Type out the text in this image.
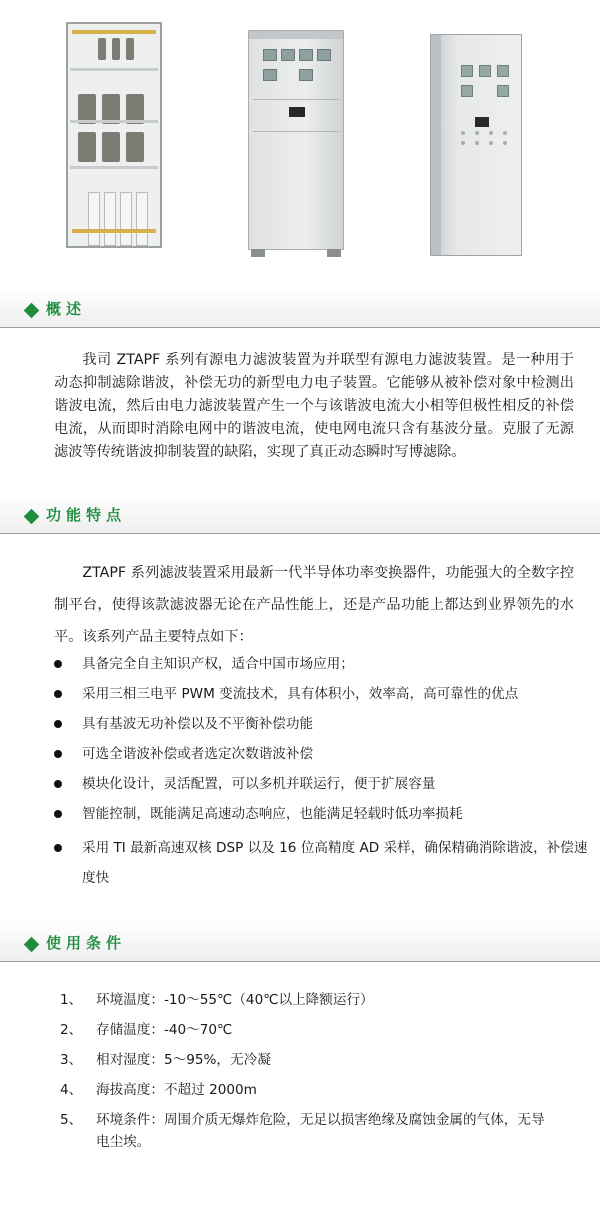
概述

我司 ZTAPF 系列有源电力滤波装置为并联型有源电力滤波装置。是一种用于动态抑制滤除谐波，补偿无功的新型电力电子装置。它能够从被补偿对象中检测出谐波电流，然后由电力滤波装置产生一个与该谐波电流大小相等但极性相反的补偿电流，从而即时消除电网中的谐波电流，使电网电流只含有基波分量。克服了无源滤波等传统谐波抑制装置的缺陷，实现了真正动态瞬时写博滤除。

功能特点

ZTAPF 系列滤波装置采用最新一代半导体功率变换器件，功能强大的全数字控制平台，使得该款滤波器无论在产品性能上，还是产品功能上都达到业界领先的水平。该系列产品主要特点如下：

具备完全自主知识产权，适合中国市场应用；
采用三相三电平 PWM 变流技术，具有体积小，效率高，高可靠性的优点
具有基波无功补偿以及不平衡补偿功能
可选全谐波补偿或者选定次数谐波补偿
模块化设计，灵活配置，可以多机并联运行，便于扩展容量
智能控制，既能满足高速动态响应，也能满足轻载时低功率损耗
采用 TI 最新高速双核 DSP 以及 16 位高精度 AD 采样，确保精确消除谐波，补偿速度快
使用条件
1、 环境温度：-10～55℃（40℃以上降额运行）
2、 存储温度：-40～70℃
3、 相对湿度：5～95%，无冷凝
4、 海拔高度：不超过 2000m
5、 环境条件：周围介质无爆炸危险，无足以损害绝缘及腐蚀金属的气体，无导电尘埃。
